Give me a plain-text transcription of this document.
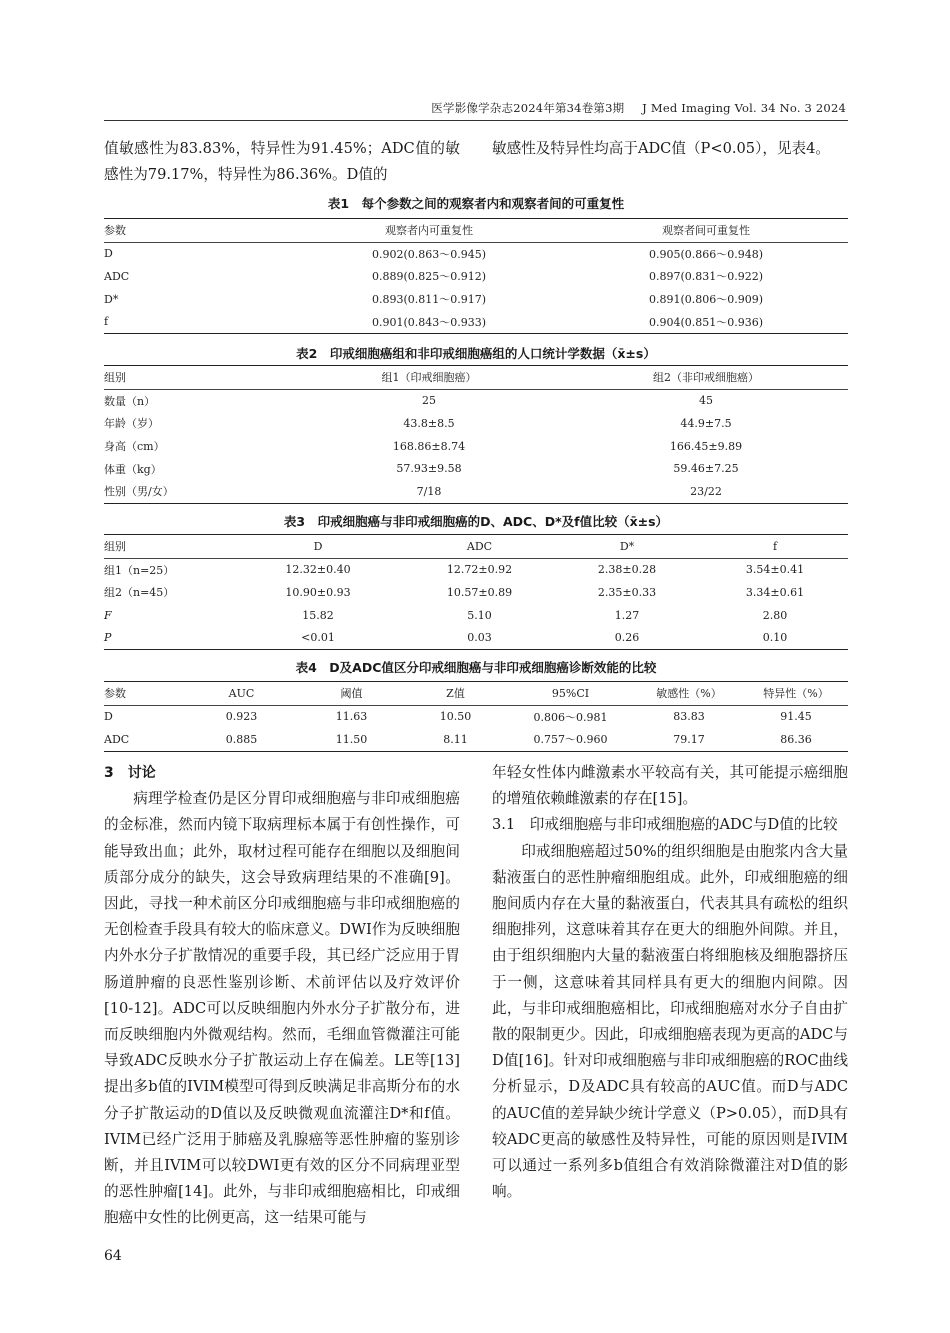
医学影像学杂志2024年第34卷第3期 J Med Imaging Vol. 34 No. 3 2024

值敏感性为83.83%，特异性为91.45%；ADC值的敏感性为79.17%，特异性为86.36%。D值的

敏感性及特异性均高于ADC值（P<0.05），见表4。

表1　每个参数之间的观察者内和观察者间的可重复性
参数	观察者内可重复性	观察者间可重复性
D	0.902(0.863～0.945)	0.905(0.866～0.948)
ADC	0.889(0.825～0.912)	0.897(0.831～0.922)
D*	0.893(0.811～0.917)	0.891(0.806～0.909)
f	0.901(0.843～0.933)	0.904(0.851～0.936)
表2　印戒细胞癌组和非印戒细胞癌组的人口统计学数据（x̄±s）
组别	组1（印戒细胞癌）	组2（非印戒细胞癌）
数量（n）	25	45
年龄（岁）	43.8±8.5	44.9±7.5
身高（cm）	168.86±8.74	166.45±9.89
体重（kg）	57.93±9.58	59.46±7.25
性别（男/女）	7/18	23/22
表3　印戒细胞癌与非印戒细胞癌的D、ADC、D*及f值比较（x̄±s）
组别	D	ADC	D*	f
组1（n=25）	12.32±0.40	12.72±0.92	2.38±0.28	3.54±0.41
组2（n=45）	10.90±0.93	10.57±0.89	2.35±0.33	3.34±0.61
F	15.82	5.10	1.27	2.80
P	<0.01	0.03	0.26	0.10
表4　D及ADC值区分印戒细胞癌与非印戒细胞癌诊断效能的比较
参数	AUC	阈值	Z值	95%CI	敏感性（%）	特异性（%）
D	0.923	11.63	10.50	0.806～0.981	83.83	91.45
ADC	0.885	11.50	8.11	0.757～0.960	79.17	86.36

3　讨论

病理学检查仍是区分胃印戒细胞癌与非印戒细胞癌的金标准，然而内镜下取病理标本属于有创性操作，可能导致出血；此外，取材过程可能存在细胞以及细胞间质部分成分的缺失，这会导致病理结果的不准确[9]。因此，寻找一种术前区分印戒细胞癌与非印戒细胞癌的无创检查手段具有较大的临床意义。DWI作为反映细胞内外水分子扩散情况的重要手段，其已经广泛应用于胃肠道肿瘤的良恶性鉴别诊断、术前评估以及疗效评价[10-12]。ADC可以反映细胞内外水分子扩散分布，进而反映细胞内外微观结构。然而，毛细血管微灌注可能导致ADC反映水分子扩散运动上存在偏差。LE等[13]提出多b值的IVIM模型可得到反映满足非高斯分布的水分子扩散运动的D值以及反映微观血流灌注D*和f值。IVIM已经广泛用于肺癌及乳腺癌等恶性肿瘤的鉴别诊断，并且IVIM可以较DWI更有效的区分不同病理亚型的恶性肿瘤[14]。此外，与非印戒细胞癌相比，印戒细胞癌中女性的比例更高，这一结果可能与

年轻女性体内雌激素水平较高有关，其可能提示癌细胞的增殖依赖雌激素的存在[15]。

3.1　印戒细胞癌与非印戒细胞癌的ADC与D值的比较

印戒细胞癌超过50%的组织细胞是由胞浆内含大量黏液蛋白的恶性肿瘤细胞组成。此外，印戒细胞癌的细胞间质内存在大量的黏液蛋白，代表其具有疏松的组织细胞排列，这意味着其存在更大的细胞外间隙。并且，由于组织细胞内大量的黏液蛋白将细胞核及细胞器挤压于一侧，这意味着其同样具有更大的细胞内间隙。因此，与非印戒细胞癌相比，印戒细胞癌对水分子自由扩散的限制更少。因此，印戒细胞癌表现为更高的ADC与D值[16]。针对印戒细胞癌与非印戒细胞癌的ROC曲线分析显示，D及ADC具有较高的AUC值。而D与ADC的AUC值的差异缺少统计学意义（P>0.05），而D具有较ADC更高的敏感性及特异性，可能的原因则是IVIM可以通过一系列多b值组合有效消除微灌注对D值的影响。

64
